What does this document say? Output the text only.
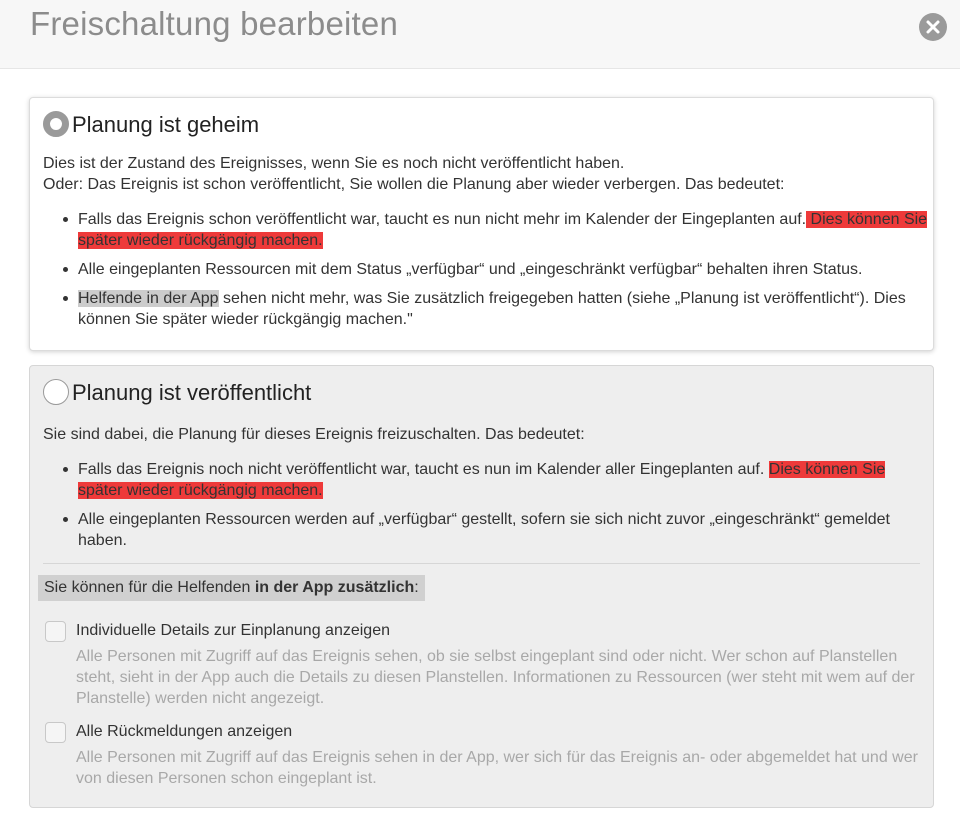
Freischaltung bearbeiten
Planung ist geheim
Dies ist der Zustand des Ereignisses, wenn Sie es noch nicht veröffentlicht haben.
Oder: Das Ereignis ist schon veröffentlicht, Sie wollen die Planung aber wieder verbergen. Das bedeutet:
Falls das Ereignis schon veröffentlicht war, taucht es nun nicht mehr im Kalender der Eingeplanten auf. Dies können Sie später wieder rückgängig machen.
Alle eingeplanten Ressourcen mit dem Status „verfügbar“ und „eingeschränkt verfügbar“ behalten ihren Status.
Helfende in der App sehen nicht mehr, was Sie zusätzlich freigegeben hatten (siehe „Planung ist veröffentlicht“). Dies können Sie später wieder rückgängig machen."
Planung ist veröffentlicht
Sie sind dabei, die Planung für dieses Ereignis freizuschalten. Das bedeutet:
Falls das Ereignis noch nicht veröffentlicht war, taucht es nun im Kalender aller Eingeplanten auf. Dies können Sie später wieder rückgängig machen.
Alle eingeplanten Ressourcen werden auf „verfügbar“ gestellt, sofern sie sich nicht zuvor „eingeschränkt“ gemeldet haben.
Sie können für die Helfenden in der App zusätzlich:
Individuelle Details zur Einplanung anzeigen
Alle Personen mit Zugriff auf das Ereignis sehen, ob sie selbst eingeplant sind oder nicht. Wer schon auf Planstellen steht, sieht in der App auch die Details zu diesen Planstellen. Informationen zu Ressourcen (wer steht mit wem auf der Planstelle) werden nicht angezeigt.
Alle Rückmeldungen anzeigen
Alle Personen mit Zugriff auf das Ereignis sehen in der App, wer sich für das Ereignis an- oder abgemeldet hat und wer von diesen Personen schon eingeplant ist.
